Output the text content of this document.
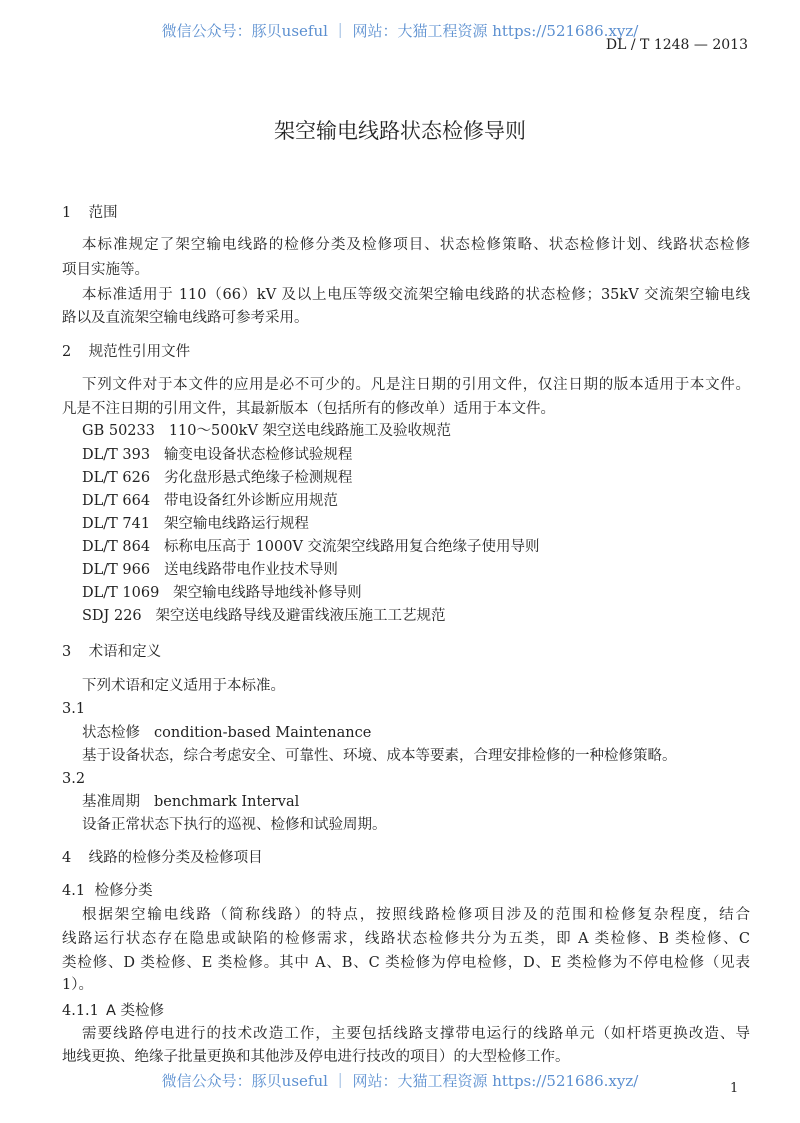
微信公众号：豚贝useful ｜ 网站：大猫工程资源 https://521686.xyz/
DL / T 1248 — 2013
架空输电线路状态检修导则
1 范围
本标准规定了架空输电线路的检修分类及检修项目、状态检修策略、状态检修计划、线路状态检修
项目实施等。
本标准适用于 110（66）kV 及以上电压等级交流架空输电线路的状态检修；35kV 交流架空输电线
路以及直流架空输电线路可参考采用。
2 规范性引用文件
下列文件对于本文件的应用是必不可少的。凡是注日期的引用文件，仅注日期的版本适用于本文件。
凡是不注日期的引用文件，其最新版本（包括所有的修改单）适用于本文件。
GB 50233 110～500kV 架空送电线路施工及验收规范
DL/T 393 输变电设备状态检修试验规程
DL/T 626 劣化盘形悬式绝缘子检测规程
DL/T 664 带电设备红外诊断应用规范
DL/T 741 架空输电线路运行规程
DL/T 864 标称电压高于 1000V 交流架空线路用复合绝缘子使用导则
DL/T 966 送电线路带电作业技术导则
DL/T 1069 架空输电线路导地线补修导则
SDJ 226 架空送电线路导线及避雷线液压施工工艺规范
3 术语和定义
下列术语和定义适用于本标准。
3.1
状态检修 condition-based Maintenance
基于设备状态，综合考虑安全、可靠性、环境、成本等要素，合理安排检修的一种检修策略。
3.2
基准周期 benchmark Interval
设备正常状态下执行的巡视、检修和试验周期。
4 线路的检修分类及检修项目
4.1 检修分类
根据架空输电线路（简称线路）的特点，按照线路检修项目涉及的范围和检修复杂程度，结合
线路运行状态存在隐患或缺陷的检修需求，线路状态检修共分为五类，即 A 类检修、B 类检修、C
类检修、D 类检修、E 类检修。其中 A、B、C 类检修为停电检修，D、E 类检修为不停电检修（见表
1）。
4.1.1 A 类检修
需要线路停电进行的技术改造工作，主要包括线路支撑带电运行的线路单元（如杆塔更换改造、导
地线更换、绝缘子批量更换和其他涉及停电进行技改的项目）的大型检修工作。
微信公众号：豚贝useful ｜ 网站：大猫工程资源 https://521686.xyz/	1
